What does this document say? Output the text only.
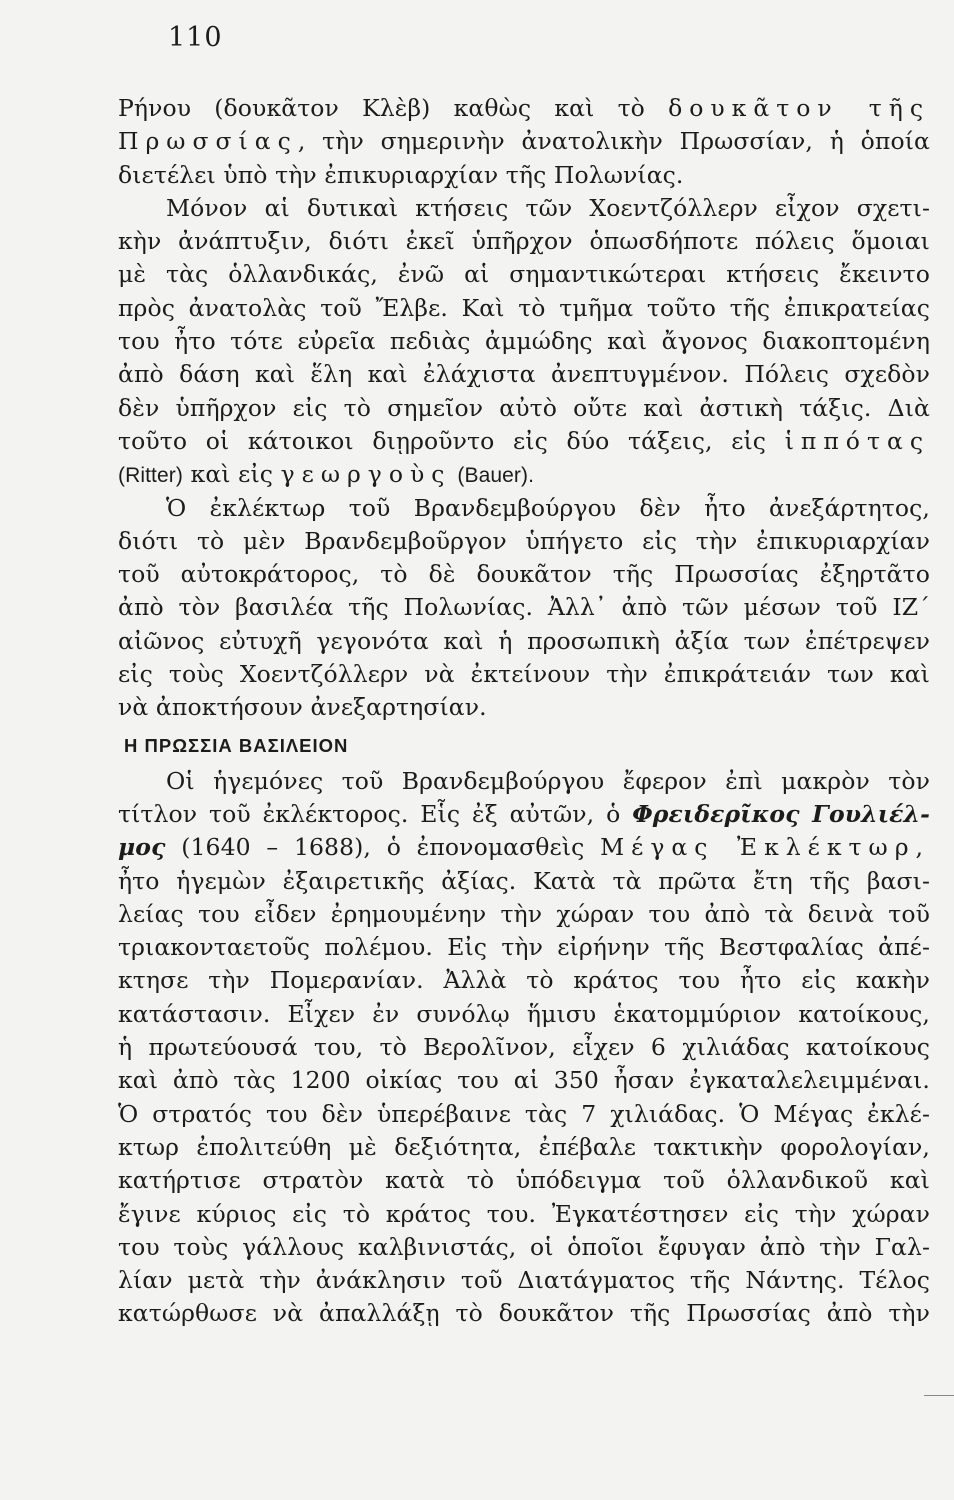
110
Ρήνου (δουκᾶτον Κλὲβ) καθὼς καὶ τὸ δουκᾶτον τῆς
Πρωσσίας, τὴν σημερινὴν ἀνατολικὴν Πρωσσίαν, ἡ ὁποία
διετέλει ὑπὸ τὴν ἐπικυριαρχίαν τῆς Πολωνίας.
Μόνον αἱ δυτικαὶ κτήσεις τῶν Χοεντζόλλερν εἶχον σχετι-
κὴν ἀνάπτυξιν, διότι ἐκεῖ ὑπῆρχον ὁπωσδήποτε πόλεις ὅμοιαι
μὲ τὰς ὁλλανδικάς, ἐνῶ αἱ σημαντικώτεραι κτήσεις ἔκειντο
πρὸς ἀνατολὰς τοῦ Ἔλβε. Καὶ τὸ τμῆμα τοῦτο τῆς ἐπικρατείας
του ἦτο τότε εὐρεῖα πεδιὰς ἀμμώδης καὶ ἄγονος διακοπτομένη
ἀπὸ δάση καὶ ἕλη καὶ ἐλάχιστα ἀνεπτυγμένον. Πόλεις σχεδὸν
δὲν ὑπῆρχον εἰς τὸ σημεῖον αὐτὸ οὔτε καὶ ἀστικὴ τάξις. Διὰ
τοῦτο οἱ κάτοικοι διῃροῦντο εἰς δύο τάξεις, εἰς ἱππότας
(Ritter) καὶ εἰς γεωργοὺς (Bauer).
Ὁ ἐκλέκτωρ τοῦ Βρανδεμβούργου δὲν ἦτο ἀνεξάρτητος,
διότι τὸ μὲν Βρανδεμβοῦργον ὑπήγετο εἰς τὴν ἐπικυριαρχίαν
τοῦ αὐτοκράτορος, τὸ δὲ δουκᾶτον τῆς Πρωσσίας ἐξηρτᾶτο
ἀπὸ τὸν βασιλέα τῆς Πολωνίας. Ἀλλ᾽ ἀπὸ τῶν μέσων τοῦ ΙΖ´
αἰῶνος εὐτυχῆ γεγονότα καὶ ἡ προσωπικὴ ἀξία των ἐπέτρεψεν
εἰς τοὺς Χοεντζόλλερν νὰ ἐκτείνουν τὴν ἐπικράτειάν των καὶ
νὰ ἀποκτήσουν ἀνεξαρτησίαν.
Η ΠΡΩΣΣΙΑ ΒΑΣΙΛΕΙΟΝ
Οἱ ἡγεμόνες τοῦ Βρανδεμβούργου ἔφερον ἐπὶ μακρὸν τὸν
τίτλον τοῦ ἐκλέκτορος. Εἷς ἐξ αὐτῶν, ὁ Φρειδερῖκος Γουλιέλ-
μος (1640 – 1688), ὁ ἐπονομασθεὶς Μέγας Ἐκλέκτωρ,
ἦτο ἡγεμὼν ἐξαιρετικῆς ἀξίας. Κατὰ τὰ πρῶτα ἔτη τῆς βασι-
λείας του εἶδεν ἐρημουμένην τὴν χώραν του ἀπὸ τὰ δεινὰ τοῦ
τριακονταετοῦς πολέμου. Εἰς τὴν εἰρήνην τῆς Βεστφαλίας ἀπέ-
κτησε τὴν Πομερανίαν. Ἀλλὰ τὸ κράτος του ἦτο εἰς κακὴν
κατάστασιν. Εἶχεν ἐν συνόλῳ ἥμισυ ἑκατομμύριον κατοίκους,
ἡ πρωτεύουσά του, τὸ Βερολῖνον, εἶχεν 6 χιλιάδας κατοίκους
καὶ ἀπὸ τὰς 1200 οἰκίας του αἱ 350 ἦσαν ἐγκαταλελειμμέναι.
Ὁ στρατός του δὲν ὑπερέβαινε τὰς 7 χιλιάδας. Ὁ Μέγας ἐκλέ-
κτωρ ἐπολιτεύθη μὲ δεξιότητα, ἐπέβαλε τακτικὴν φορολογίαν,
κατήρτισε στρατὸν κατὰ τὸ ὑπόδειγμα τοῦ ὁλλανδικοῦ καὶ
ἔγινε κύριος εἰς τὸ κράτος του. Ἐγκατέστησεν εἰς τὴν χώραν
του τοὺς γάλλους καλβινιστάς, οἱ ὁποῖοι ἔφυγαν ἀπὸ τὴν Γαλ-
λίαν μετὰ τὴν ἀνάκλησιν τοῦ Διατάγματος τῆς Νάντης. Τέλος
κατώρθωσε νὰ ἀπαλλάξῃ τὸ δουκᾶτον τῆς Πρωσσίας ἀπὸ τὴν
